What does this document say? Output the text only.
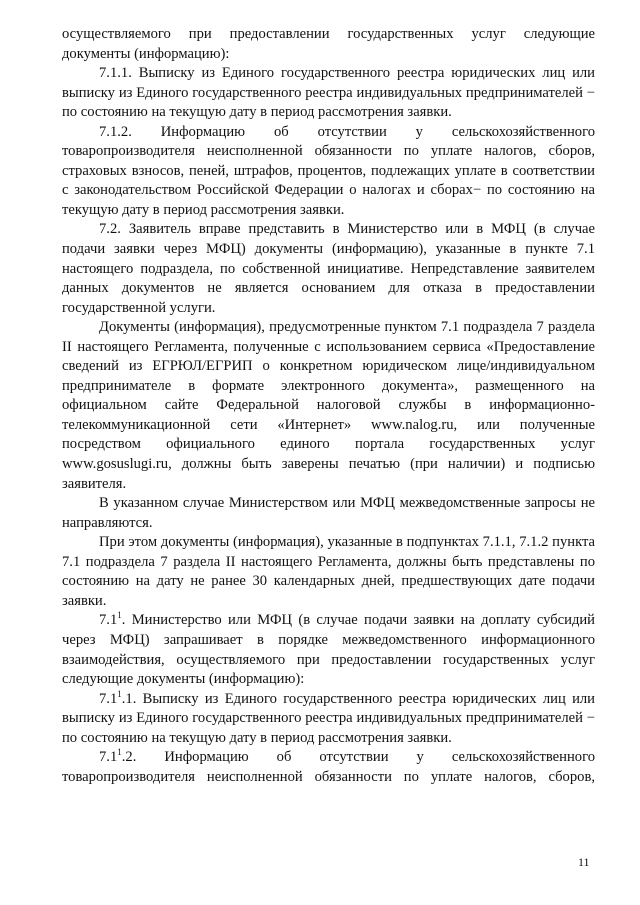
осуществляемого при предоставлении государственных услуг следующие документы (информацию):

7.1.1. Выписку из Единого государственного реестра юридических лиц или выписку из Единого государственного реестра индивидуальных предпринимателей − по состоянию на текущую дату в период рассмотрения заявки.

7.1.2. Информацию об отсутствии у сельскохозяйственного товаропроизводителя неисполненной обязанности по уплате налогов, сборов, страховых взносов, пеней, штрафов, процентов, подлежащих уплате в соответствии с законодательством Российской Федерации о налогах и сборах− по состоянию на текущую дату в период рассмотрения заявки.

7.2. Заявитель вправе представить в Министерство или в МФЦ (в случае подачи заявки через МФЦ) документы (информацию), указанные в пункте 7.1 настоящего подраздела, по собственной инициативе. Непредставление заявителем данных документов не является основанием для отказа в предоставлении государственной услуги.

Документы (информация), предусмотренные пунктом 7.1 подраздела 7 раздела II настоящего Регламента, полученные с использованием сервиса «Предоставление сведений из ЕГРЮЛ/ЕГРИП о конкретном юридическом лице/индивидуальном предпринимателе в формате электронного документа», размещенного на официальном сайте Федеральной налоговой службы в информационно-телекоммуникационной сети «Интернет» www.nalog.ru, или полученные посредством официального единого портала государственных услуг www.gosuslugi.ru, должны быть заверены печатью (при наличии) и подписью заявителя.

В указанном случае Министерством или МФЦ межведомственные запросы не направляются.

При этом документы (информация), указанные в подпунктах 7.1.1, 7.1.2 пункта 7.1 подраздела 7 раздела II настоящего Регламента, должны быть представлены по состоянию на дату не ранее 30 календарных дней, предшествующих дате подачи заявки.

$7.1^1$. Министерство или МФЦ (в случае подачи заявки на доплату субсидий через МФЦ) запрашивает в порядке межведомственного информационного взаимодействия, осуществляемого при предоставлении государственных услуг следующие документы (информацию):

$7.1^1.1$. Выписку из Единого государственного реестра юридических лиц или выписку из Единого государственного реестра индивидуальных предпринимателей − по состоянию на текущую дату в период рассмотрения заявки.

$7.1^1.2$. Информацию об отсутствии у сельскохозяйственного товаропроизводителя неисполненной обязанности по уплате налогов, сборов,

11
